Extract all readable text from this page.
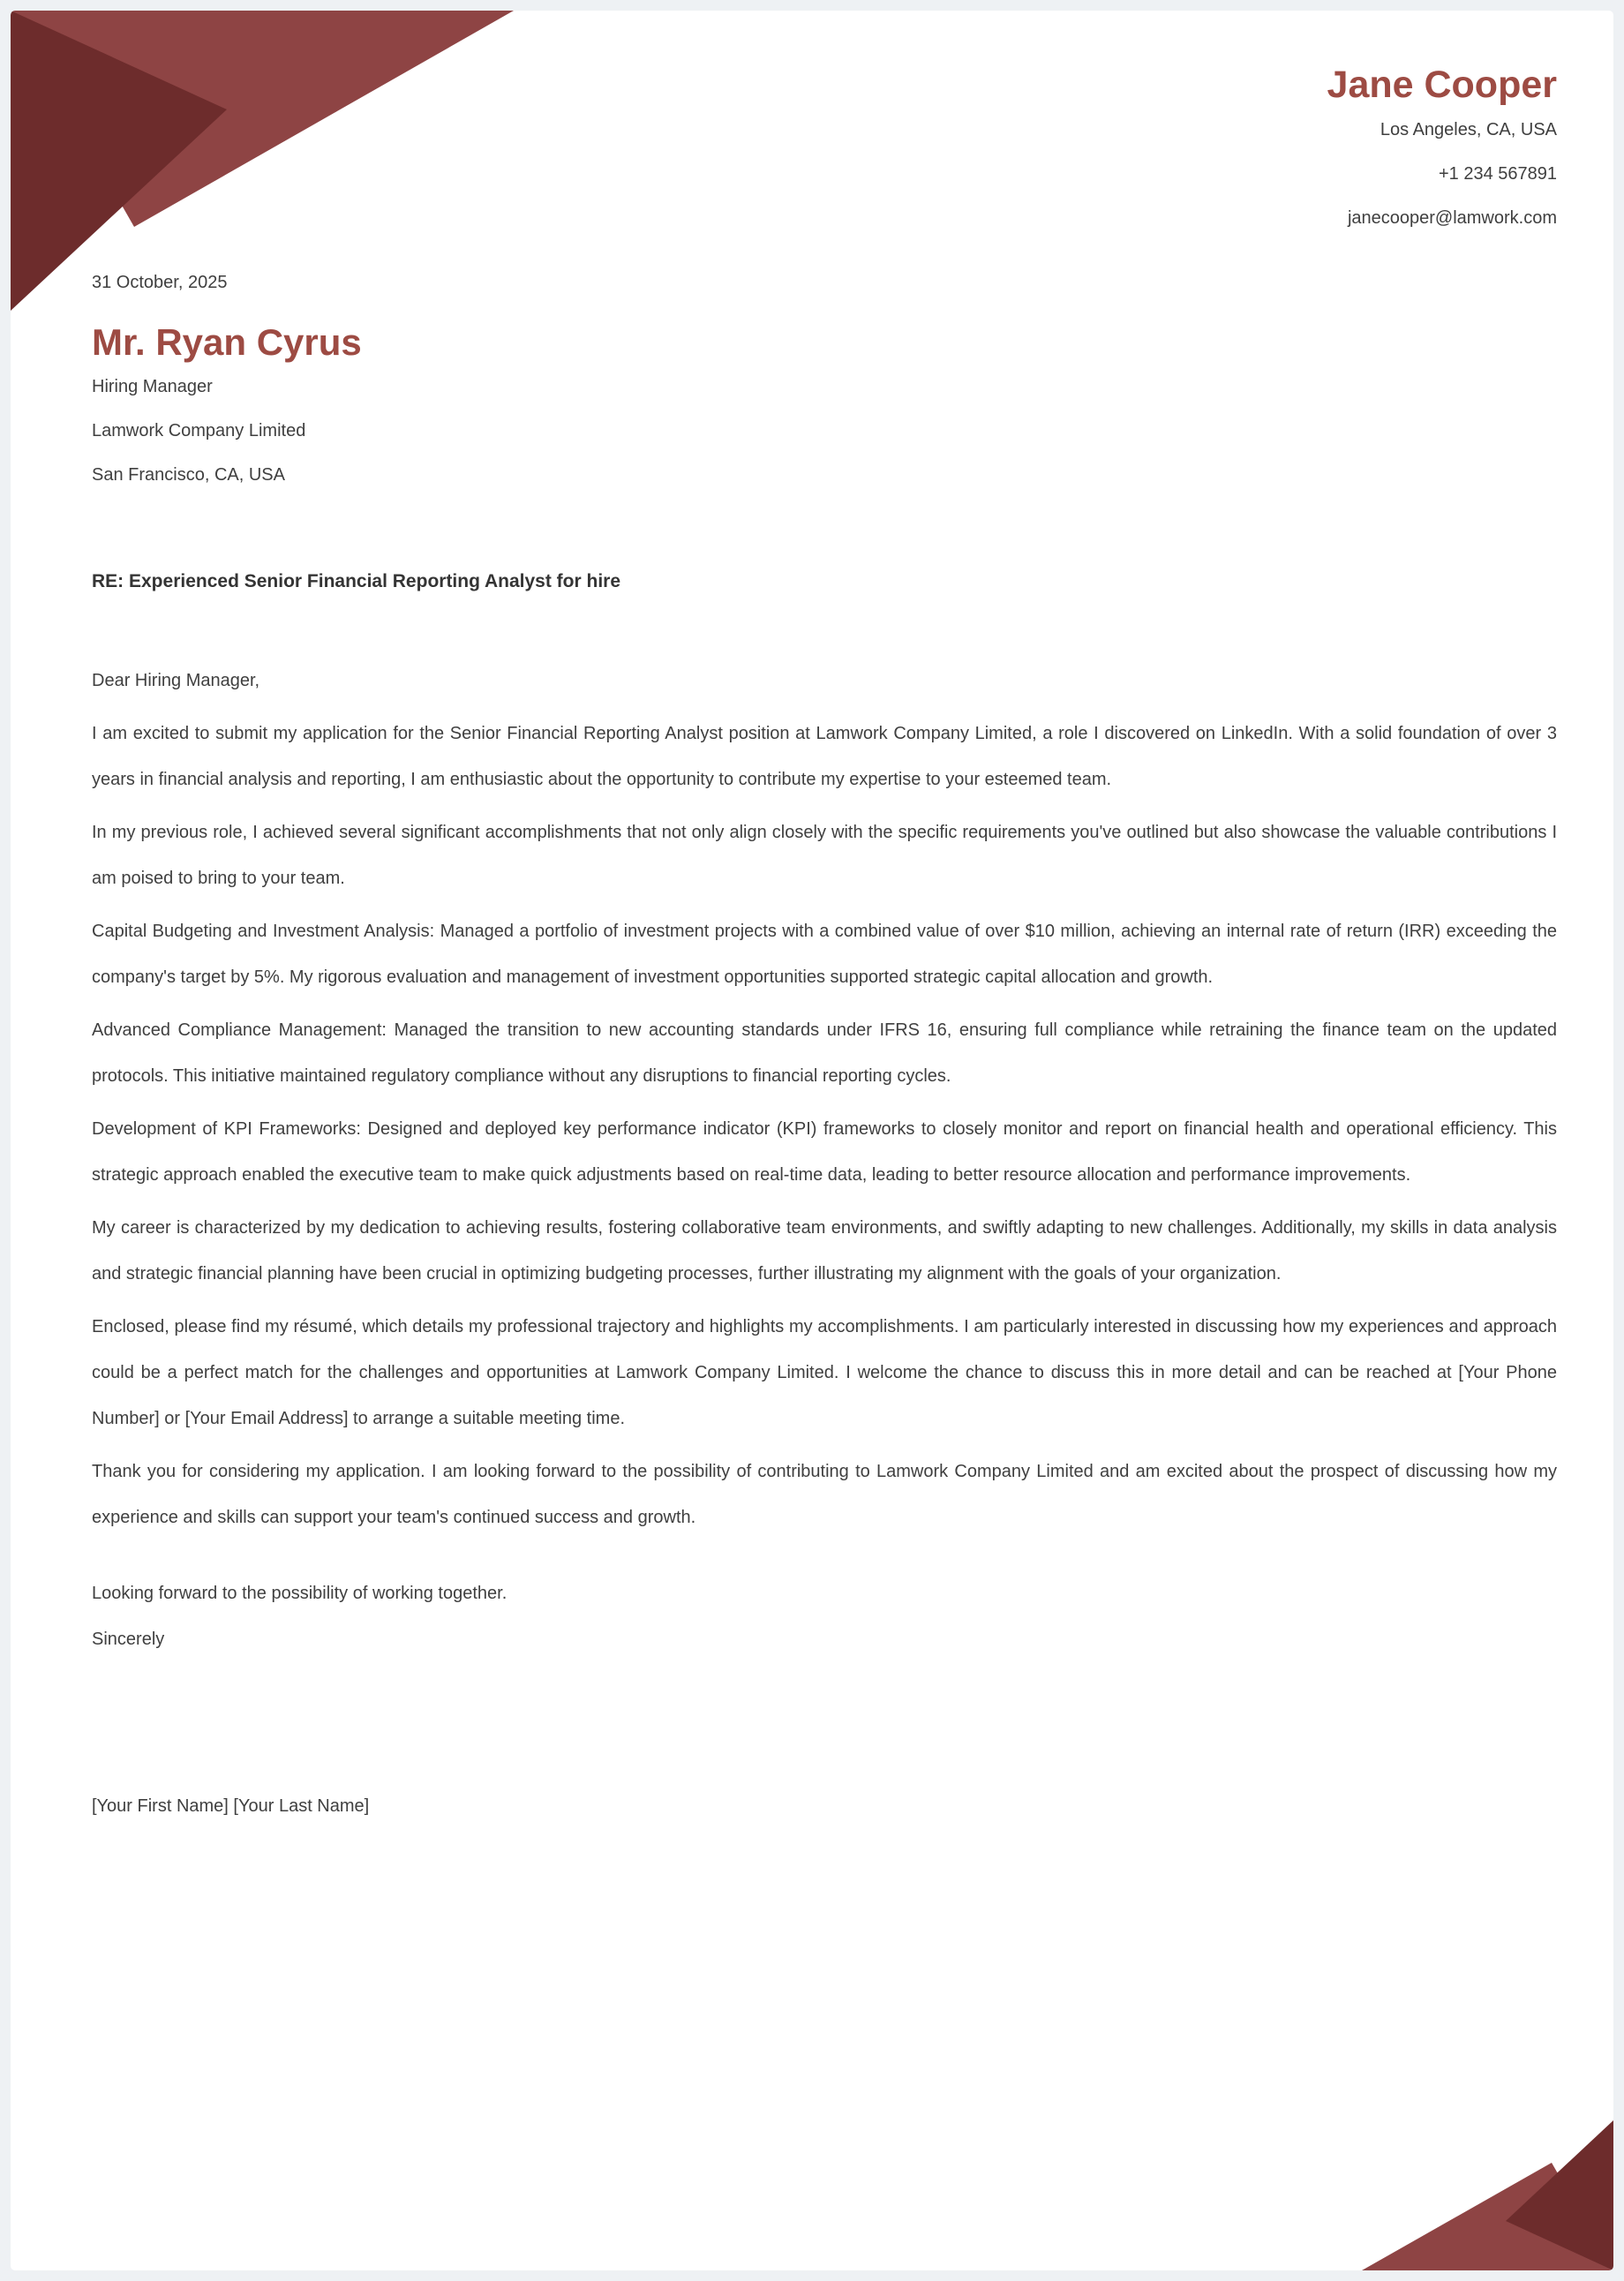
Jane Cooper
Los Angeles, CA, USA
+1 234 567891
janecooper@lamwork.com
31 October, 2025
Mr. Ryan Cyrus
Hiring Manager
Lamwork Company Limited
San Francisco, CA, USA
RE: Experienced Senior Financial Reporting Analyst for hire
Dear Hiring Manager,

I am excited to submit my application for the Senior Financial Reporting Analyst position at Lamwork Company Limited, a role I discovered on LinkedIn. With a solid foundation of over 3 years in financial analysis and reporting, I am enthusiastic about the opportunity to contribute my expertise to your esteemed team.

In my previous role, I achieved several significant accomplishments that not only align closely with the specific requirements you've outlined but also showcase the valuable contributions I am poised to bring to your team.

Capital Budgeting and Investment Analysis: Managed a portfolio of investment projects with a combined value of over $10 million, achieving an internal rate of return (IRR) exceeding the company's target by 5%. My rigorous evaluation and management of investment opportunities supported strategic capital allocation and growth.

Advanced Compliance Management: Managed the transition to new accounting standards under IFRS 16, ensuring full compliance while retraining the finance team on the updated protocols. This initiative maintained regulatory compliance without any disruptions to financial reporting cycles.

Development of KPI Frameworks: Designed and deployed key performance indicator (KPI) frameworks to closely monitor and report on financial health and operational efficiency. This strategic approach enabled the executive team to make quick adjustments based on real-time data, leading to better resource allocation and performance improvements.

My career is characterized by my dedication to achieving results, fostering collaborative team environments, and swiftly adapting to new challenges. Additionally, my skills in data analysis and strategic financial planning have been crucial in optimizing budgeting processes, further illustrating my alignment with the goals of your organization.

Enclosed, please find my résumé, which details my professional trajectory and highlights my accomplishments. I am particularly interested in discussing how my experiences and approach could be a perfect match for the challenges and opportunities at Lamwork Company Limited. I welcome the chance to discuss this in more detail and can be reached at [Your Phone Number] or [Your Email Address] to arrange a suitable meeting time.

Thank you for considering my application. I am looking forward to the possibility of contributing to Lamwork Company Limited and am excited about the prospect of discussing how my experience and skills can support your team's continued success and growth.

Looking forward to the possibility of working together.
Sincerely
[Your First Name] [Your Last Name]
